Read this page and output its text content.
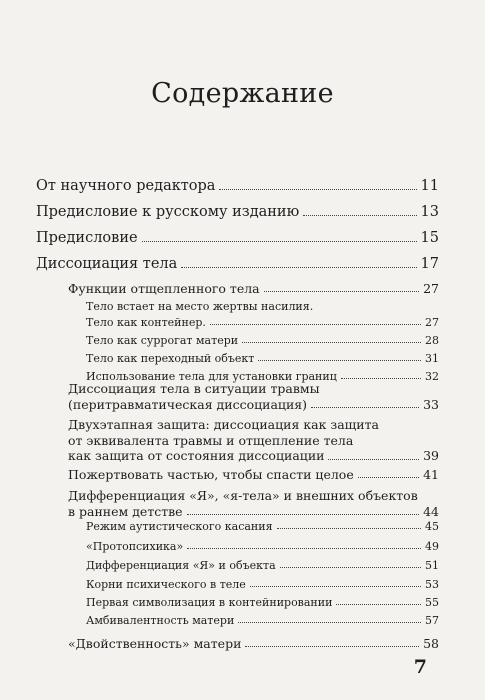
Содержание
От научного редактора	11
Предисловие к русскому изданию	13
Предисловие	15
Диссоциация тела	17
Функции отщепленного тела	27
Тело встает на место жертвы насилия.
Тело как контейнер.	27
Тело как суррогат матери	28
Тело как переходный объект	31
Использование тела для установки границ	32
Диссоциация тела в ситуации травмы
(перитравматическая диссоциация)	33
Двухэтапная защита: диссоциация как защита
от эквивалента травмы и отщепление тела
как защита от состояния диссоциации	39
Пожертвовать частью, чтобы спасти целое	41
Дифференциация «Я», «я-тела» и внешних объектов
в раннем детстве	44
Режим аутистического касания	45
«Протопсихика»	49
Дифференциация «Я» и объекта	51
Корни психического в теле	53
Первая символизация в контейнировании	55
Амбивалентность матери	57
«Двойственность» матери	58
7
